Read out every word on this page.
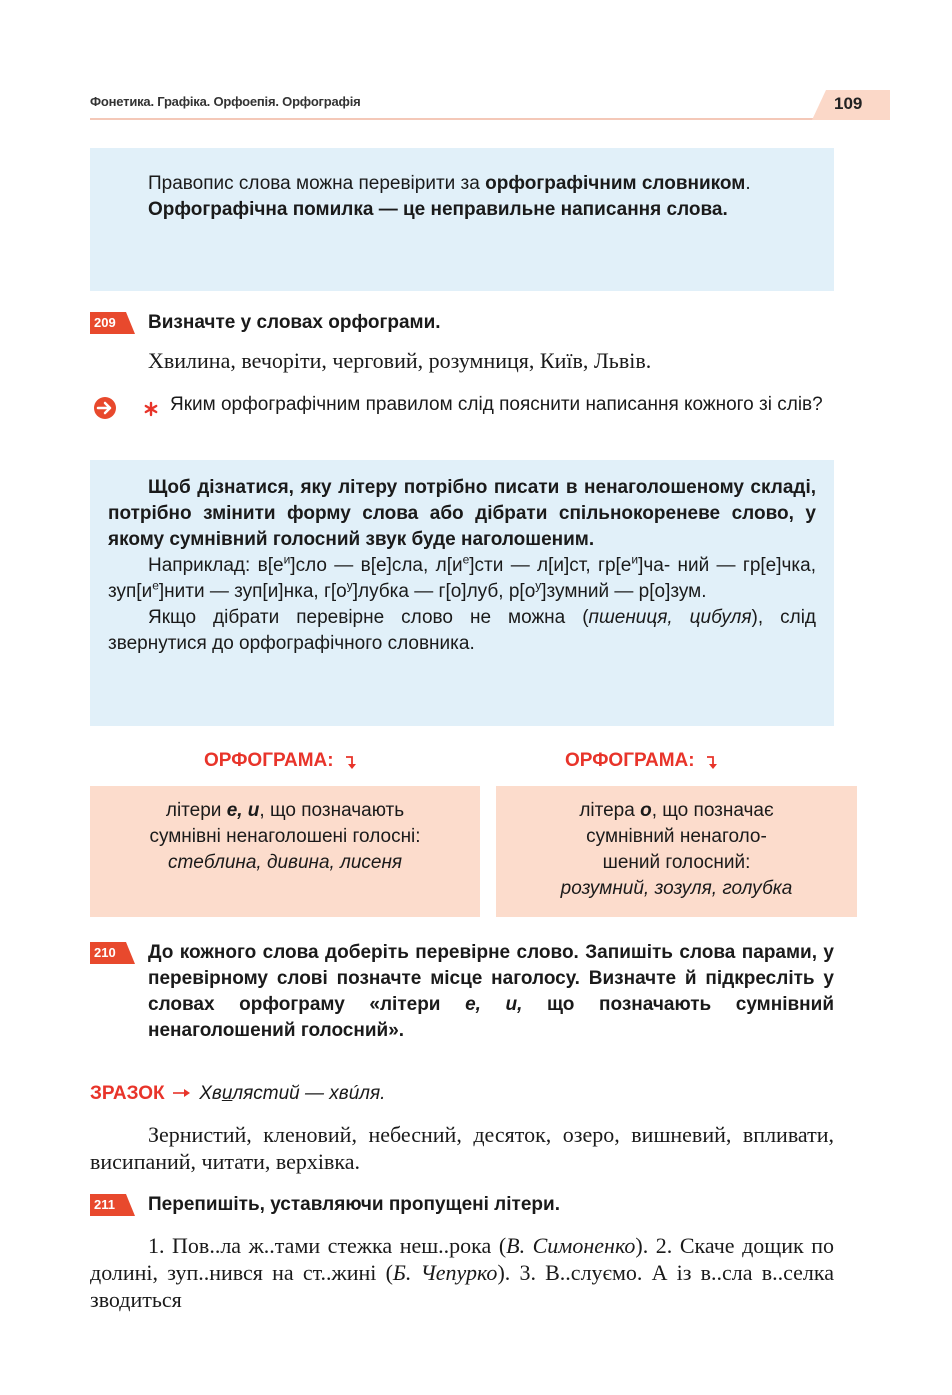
Фонетика. Графіка. Орфоепія. Орфографія	109

Правопис слова можна перевірити за орфографічним словником.

Орфографічна помилка — це неправильне написання слова.

209	Визначте у словах орфограми.

Хвилина, вечоріти, черговий, розумниця, Київ, Львів.

Яким орфографічним правилом слід пояснити написання кожного зі слів?

Щоб дізнатися, яку літеру потрібно писати в ненаголошеному складі, потрібно змінити форму слова або дібрати спільнокореневе слово, у якому сумнівний голосний звук буде наголошеним.

Наприклад: $в[е^и]сло$ — в[е]сла, $л[и^е]сти$ — л[и]ст, $гр[е^и]ча-$ ний — гр[е]чка, $зуп[и^е]нити$ — зуп[и]нка, $г[о^у]лубка$ — г[о]луб, $р[о^у]зумний$ — р[о]зум.

Якщо дібрати перевірне слово не можна (пшениця, цибуля), слід звернутися до орфографічного словника.

ОРФОГРАМА:	ОРФОГРАМА:
літери е, и, що позначають
сумнівні ненаголошені голосні:
стеблина, дивина, лисеня
літера о, що позначає
сумнівний ненаголо-
шений голосний:
розумний, зозуля, голубка
210	До кожного слова доберіть перевірне слово. Запишіть слова парами, у перевірному слові позначте місце наголосу. Визначте й підкресліть у словах орфограму «літери е, и, що позначають сумнівний ненаголошений голосний».
ЗРАЗОК Хвилястий — хвúля.

Зернистий, кленовий, небесний, десяток, озеро, вишневий, впливати, висипаний, читати, верхівка.

211	Перепишіть, уставляючи пропущені літери.

1. Пов..ла ж..тами стежка неш..рока (В. Симоненко). 2. Скаче дощик по долині, зуп..нився на ст..жині (Б. Чепурко). 3. В..слуємо. А із в..сла в..селка зводиться
